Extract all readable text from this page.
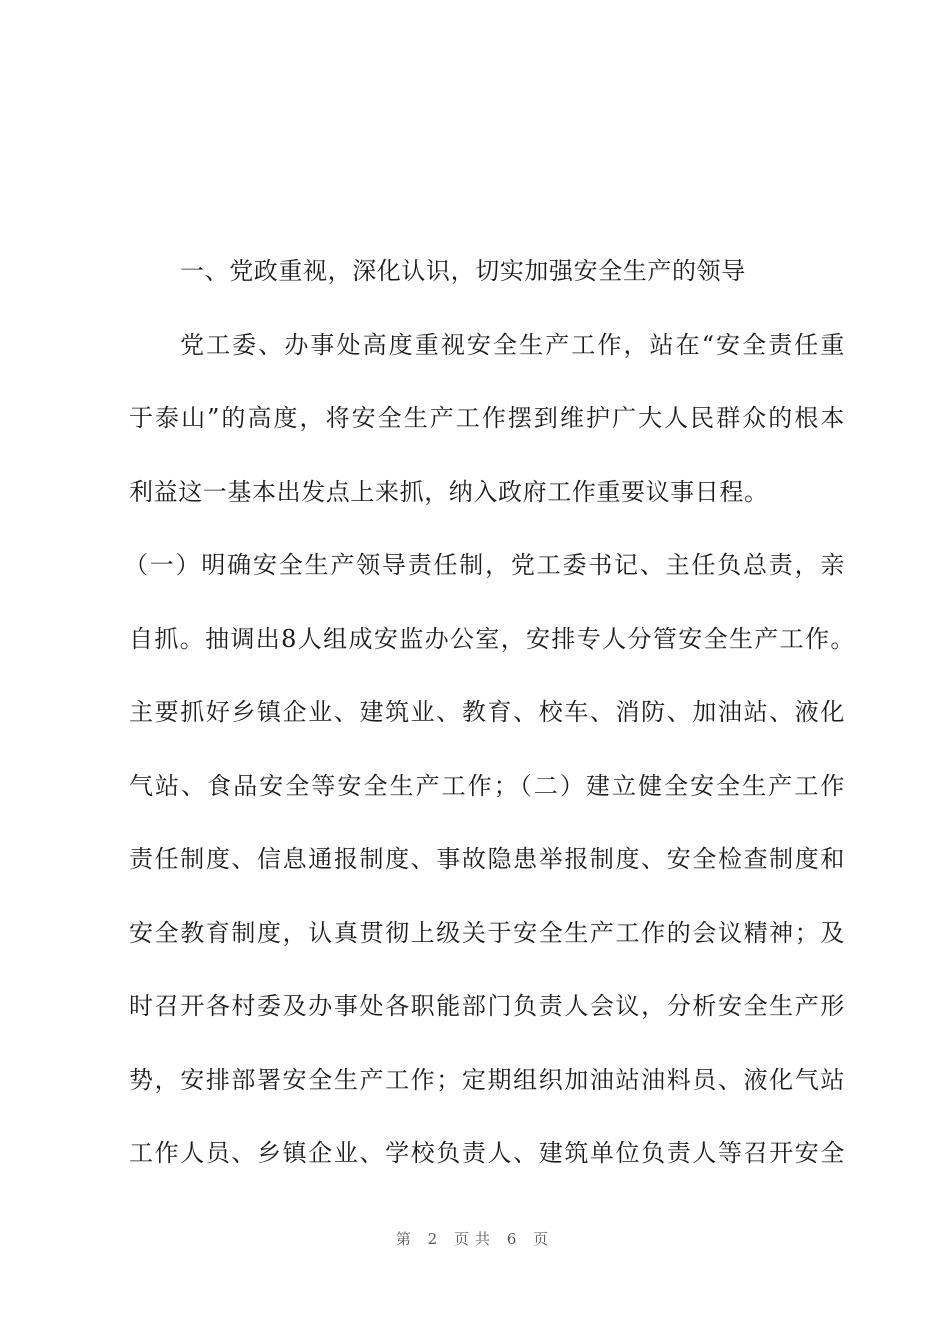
一、党政重视，深化认识，切实加强安全生产的领导
党工委、办事处高度重视安全生产工作，站在“安全责任重
于泰山”的高度，将安全生产工作摆到维护广大人民群众的根本
利益这一基本出发点上来抓，纳入政府工作重要议事日程。
（一）明确安全生产领导责任制，党工委书记、主任负总责，亲
自抓。抽调出8人组成安监办公室，安排专人分管安全生产工作。
主要抓好乡镇企业、建筑业、教育、校车、消防、加油站、液化
气站、食品安全等安全生产工作；（二）建立健全安全生产工作
责任制度、信息通报制度、事故隐患举报制度、安全检查制度和
安全教育制度，认真贯彻上级关于安全生产工作的会议精神；及
时召开各村委及办事处各职能部门负责人会议，分析安全生产形
势，安排部署安全生产工作；定期组织加油站油料员、液化气站
工作人员、乡镇企业、学校负责人、建筑单位负责人等召开安全
第 2 页共 6 页
